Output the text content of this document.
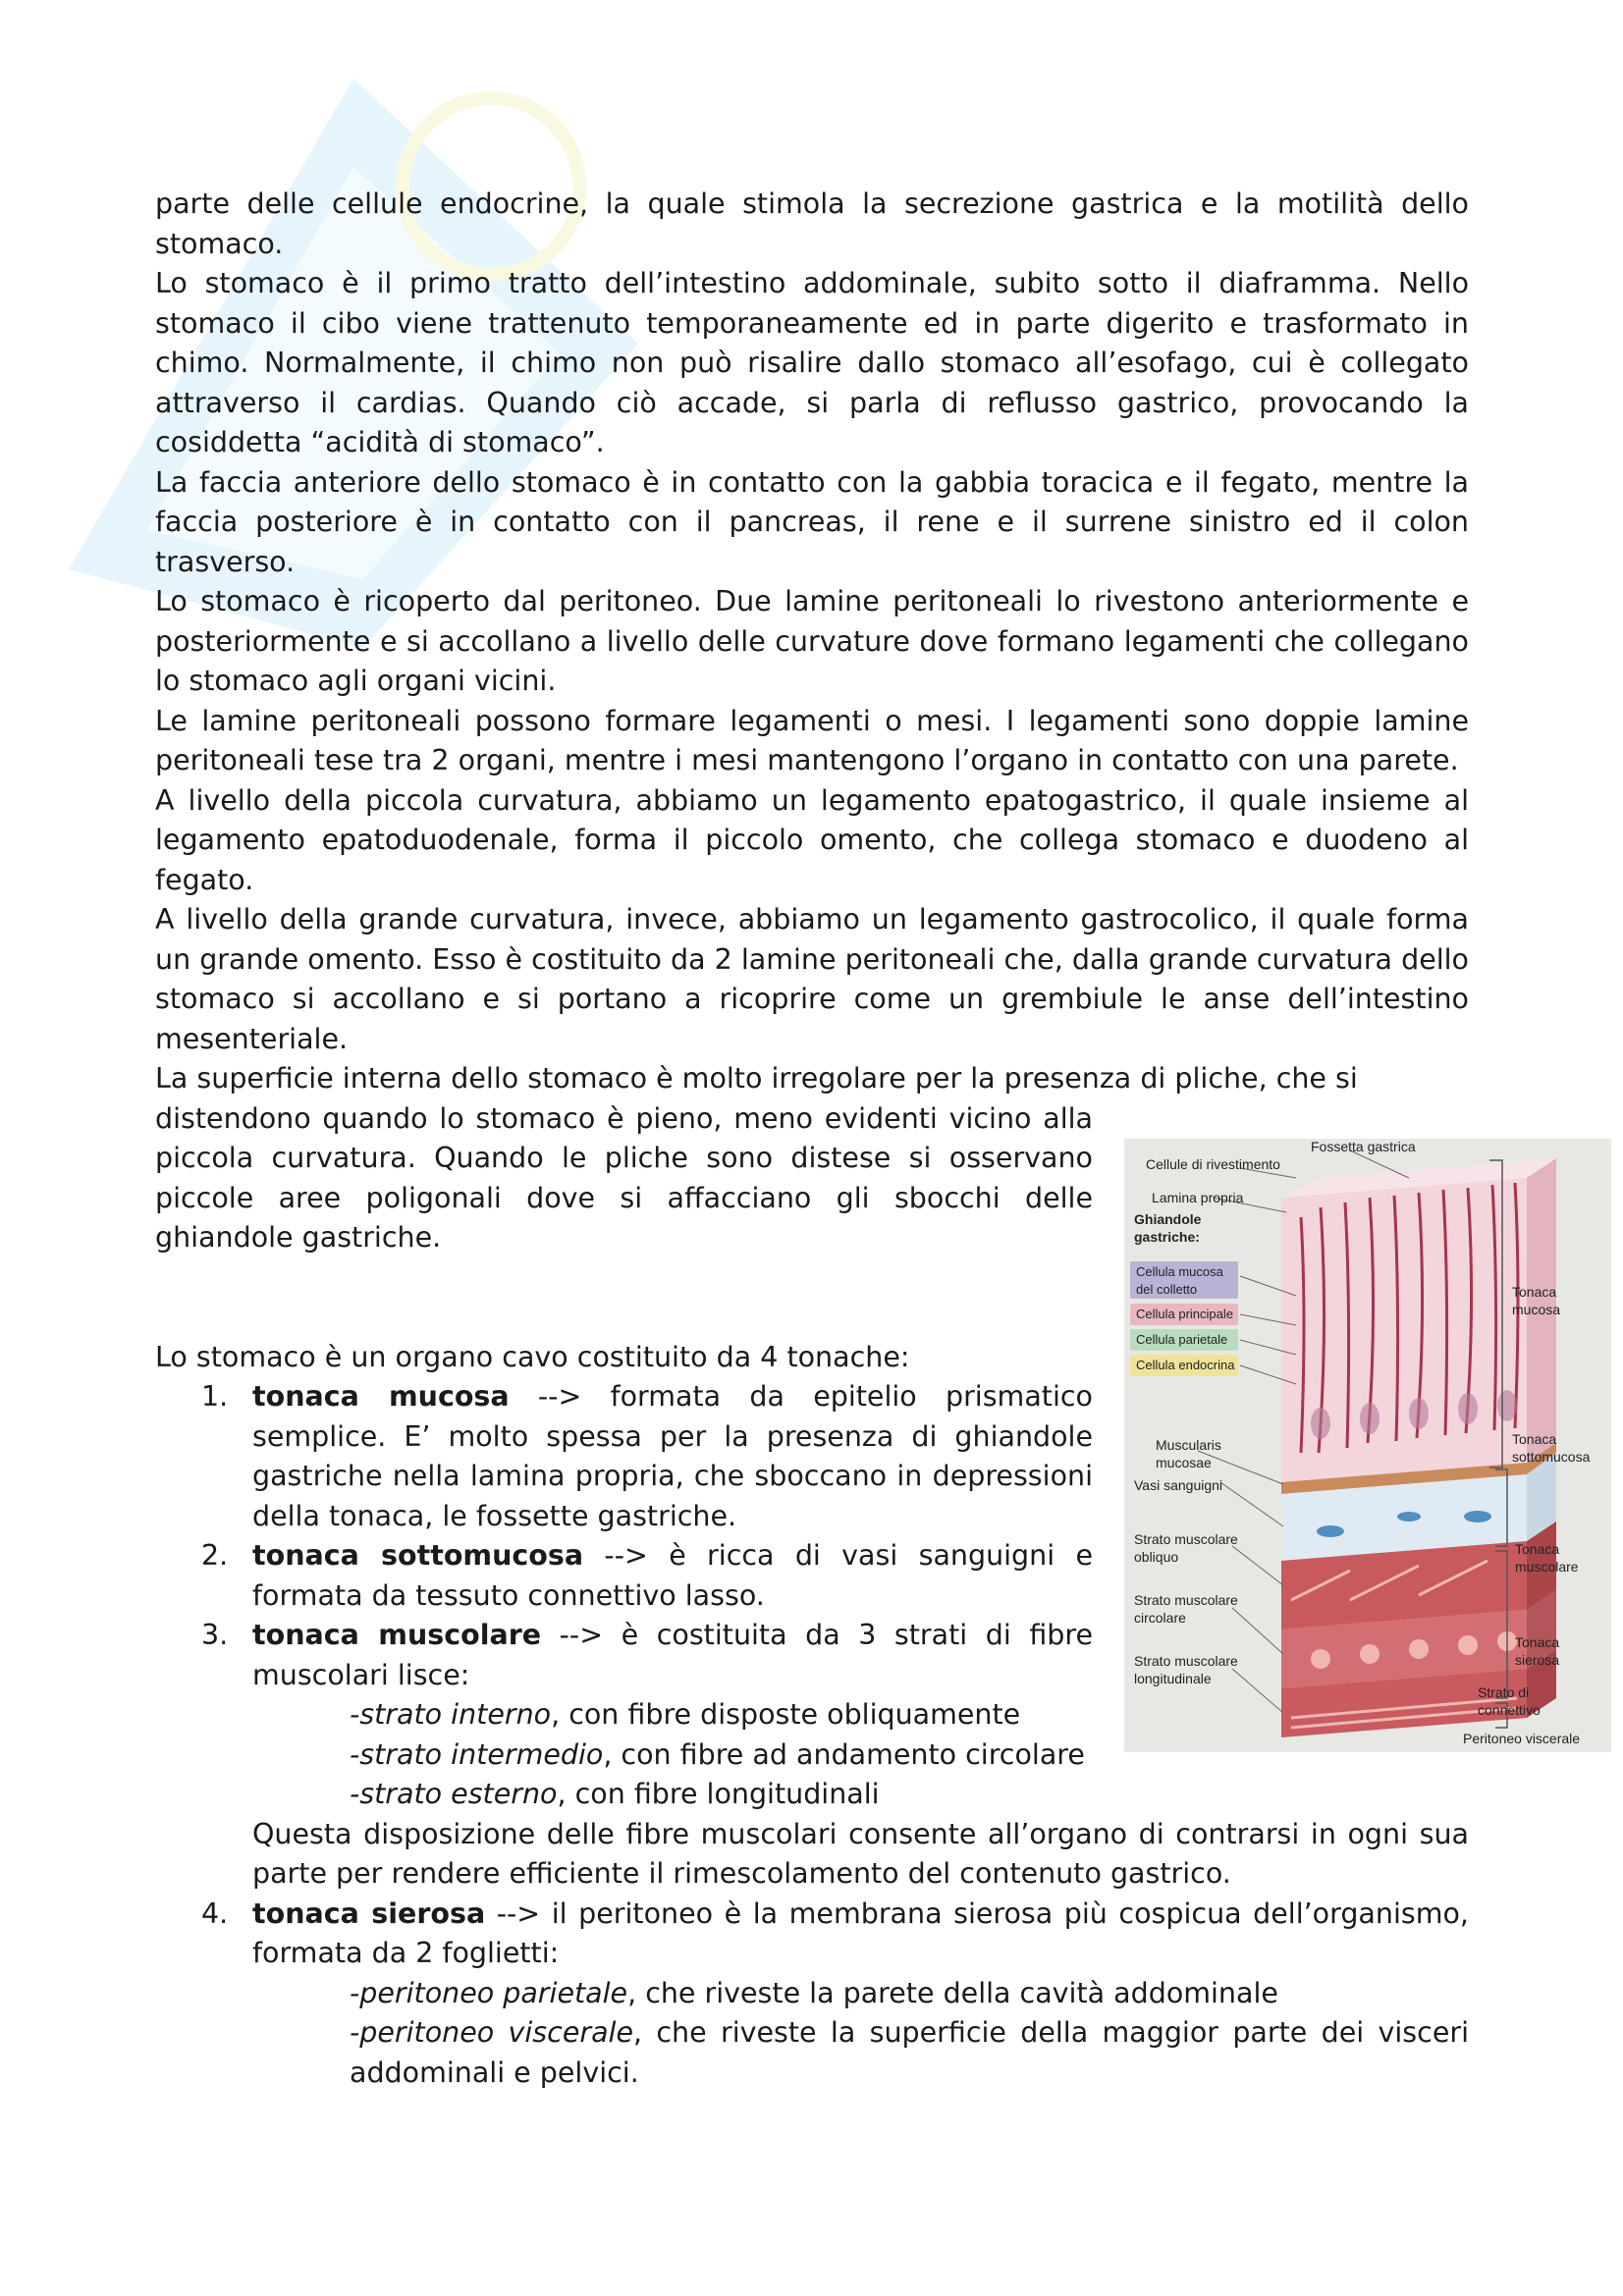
parte delle cellule endocrine, la quale stimola la secrezione gastrica e la motilità dello stomaco.

Lo stomaco è il primo tratto dell’intestino addominale, subito sotto il diaframma. Nello stomaco il cibo viene trattenuto temporaneamente ed in parte digerito e trasformato in chimo. Normalmente, il chimo non può risalire dallo stomaco all’esofago, cui è collegato attraverso il cardias. Quando ciò accade, si parla di reflusso gastrico, provocando la cosiddetta “acidità di stomaco”.

La faccia anteriore dello stomaco è in contatto con la gabbia toracica e il fegato, mentre la faccia posteriore è in contatto con il pancreas, il rene e il surrene sinistro ed il colon trasverso.

Lo stomaco è ricoperto dal peritoneo. Due lamine peritoneali lo rivestono anteriormente e posteriormente e si accollano a livello delle curvature dove formano legamenti che collegano lo stomaco agli organi vicini.

Le lamine peritoneali possono formare legamenti o mesi. I legamenti sono doppie lamine peritoneali tese tra 2 organi, mentre i mesi mantengono l’organo in contatto con una parete.

A livello della piccola curvatura, abbiamo un legamento epatogastrico, il quale insieme al legamento epatoduodenale, forma il piccolo omento, che collega stomaco e duodeno al fegato.

A livello della grande curvatura, invece, abbiamo un legamento gastrocolico, il quale forma un grande omento. Esso è costituito da 2 lamine peritoneali che, dalla grande curvatura dello stomaco si accollano e si portano a ricoprire come un grembiule le anse dell’intestino mesenteriale.

La superficie interna dello stomaco è molto irregolare per la presenza di pliche, che si

distendono quando lo stomaco è pieno, meno evidenti vicino alla piccola curvatura. Quando le pliche sono distese si osservano piccole aree poligonali dove si affacciano gli sbocchi delle ghiandole gastriche.

Lo stomaco è un organo cavo costituito da 4 tonache:

1. tonaca mucosa --> formata da epitelio prismatico semplice. E’ molto spessa per la presenza di ghiandole gastriche nella lamina propria, che sboccano in depressioni della tonaca, le fossette gastriche.

2. tonaca sottomucosa --> è ricca di vasi sanguigni e formata da tessuto connettivo lasso.

3. tonaca muscolare --> è costituita da 3 strati di fibre muscolari lisce:

-strato interno, con fibre disposte obliquamente

-strato intermedio, con fibre ad andamento circolare

-strato esterno, con fibre longitudinali

Questa disposizione delle fibre muscolari consente all’organo di contrarsi in ogni sua parte per rendere efficiente il rimescolamento del contenuto gastrico.

4. tonaca sierosa --> il peritoneo è la membrana sierosa più cospicua dell’organismo, formata da 2 foglietti:

-peritoneo parietale, che riveste la parete della cavità addominale

-peritoneo viscerale, che riveste la superficie della maggior parte dei visceri addominali e pelvici.

Cellule di rivestimento
Fossetta gastrica
Lamina propria
Ghiandole
gastriche:
Cellula mucosa
del colletto
Cellula principale
Cellula parietale
Cellula endocrina
Muscularis
mucosae
Vasi sanguigni
Strato muscolare
obliquo
Strato muscolare
circolare
Strato muscolare
longitudinale
Tonaca
mucosa
Tonaca
sottomucosa
Tonaca
muscolare
Tonaca
sierosa
Strato di
connettivo
Peritoneo viscerale
